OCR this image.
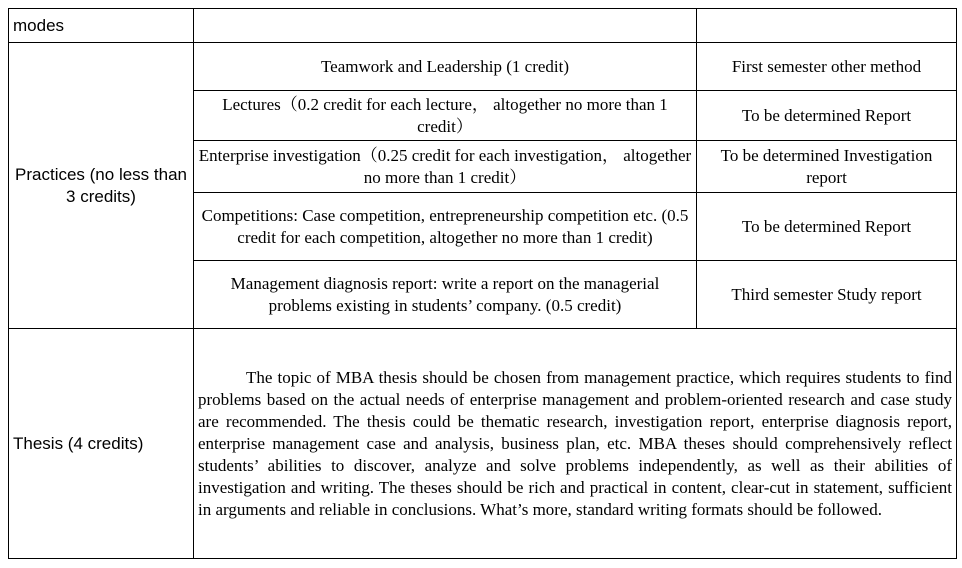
modes		
Practices (no less than 3 credits)	Teamwork and Leadership (1 credit)	First semester other method
	Lectures（0.2 credit for each lecture， altogether no more than 1 credit）	To be determined Report
	Enterprise investigation（0.25 credit for each investigation， altogether no more than 1 credit）	To be determined Investigation report
	Competitions: Case competition, entrepreneurship competition etc. (0.5 credit for each competition, altogether no more than 1 credit)	To be determined Report
	Management diagnosis report: write a report on the managerial problems existing in students’ company. (0.5 credit)	Third semester Study report
Thesis (4 credits)	The topic of MBA thesis should be chosen from management practice, which requires students to find problems based on the actual needs of enterprise management and problem-oriented research and case study are recommended. The thesis could be thematic research, investigation report, enterprise diagnosis report, enterprise management case and analysis, business plan, etc. MBA theses should comprehensively reflect students’ abilities to discover, analyze and solve problems independently, as well as their abilities of investigation and writing. The theses should be rich and practical in content, clear-cut in statement, sufficient in arguments and reliable in conclusions. What’s more, standard writing formats should be followed.	
